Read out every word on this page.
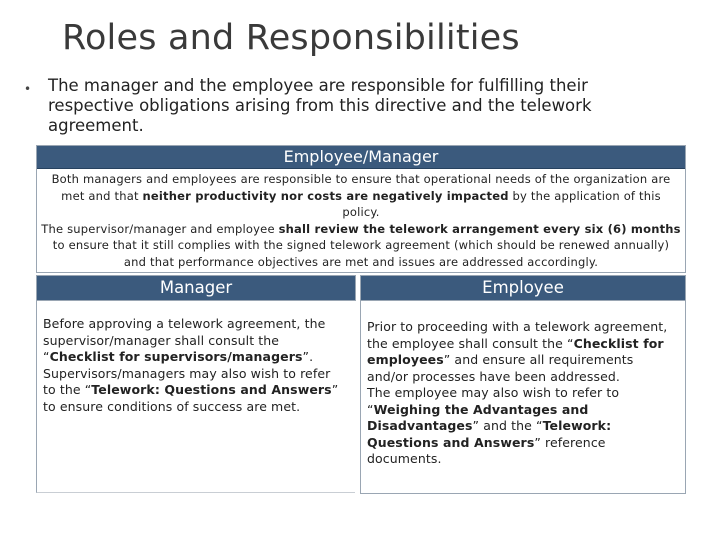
Roles and Responsibilities
• The manager and the employee are responsible for fulfilling their respective obligations arising from this directive and the telework agreement.
Employee/Manager
Both managers and employees are responsible to ensure that operational needs of the organization are met and that neither productivity nor costs are negatively impacted by the application of this policy.
The supervisor/manager and employee shall review the telework arrangement every six (6) months to ensure that it still complies with the signed telework agreement (which should be renewed annually) and that performance objectives are met and issues are addressed accordingly.
Manager	Employee
Before approving a telework agreement, the supervisor/manager shall consult the “Checklist for supervisors/managers”. Supervisors/managers may also wish to refer to the “Telework: Questions and Answers” to ensure conditions of success are met.
Prior to proceeding with a telework agreement, the employee shall consult the “Checklist for employees” and ensure all requirements and/or processes have been addressed.
The employee may also wish to refer to “Weighing the Advantages and Disadvantages” and the “Telework: Questions and Answers” reference documents.
